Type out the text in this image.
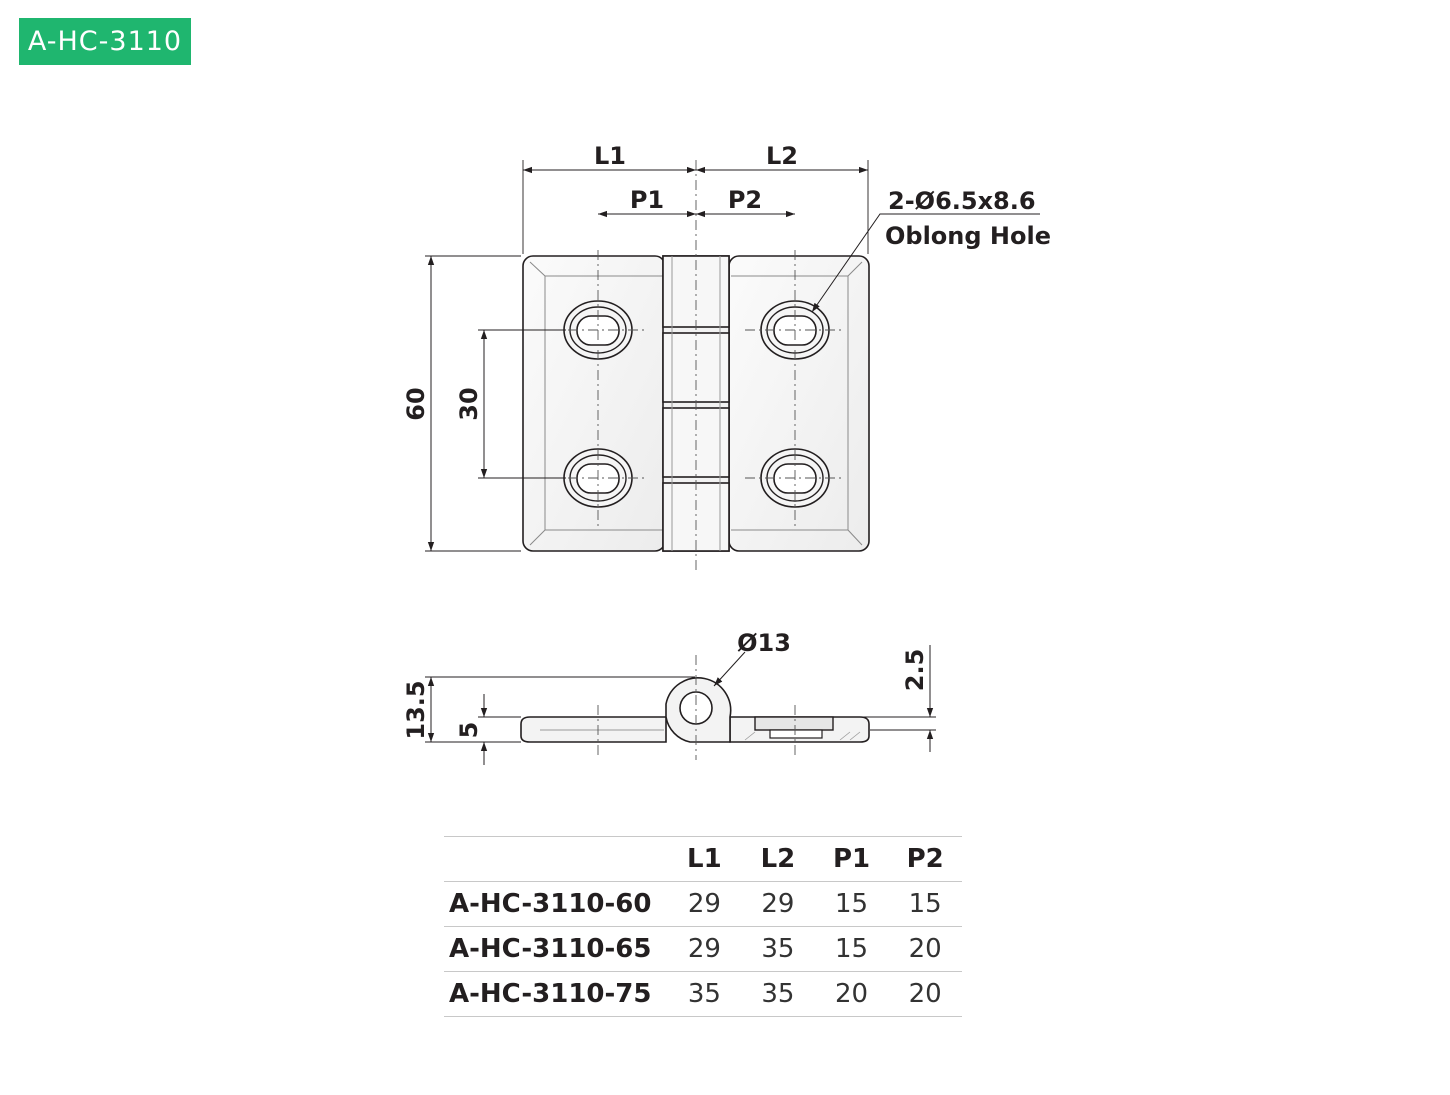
A-HC-3110
L1	L2
P1	P2	2-Ø6.5x8.6
Oblong Hole
60 30
Ø13
13.5 5
2.5
	L1	L2	P1	P2
A-HC-3110-60	29	29	15	15
A-HC-3110-65	29	35	15	20
A-HC-3110-75	35	35	20	20
